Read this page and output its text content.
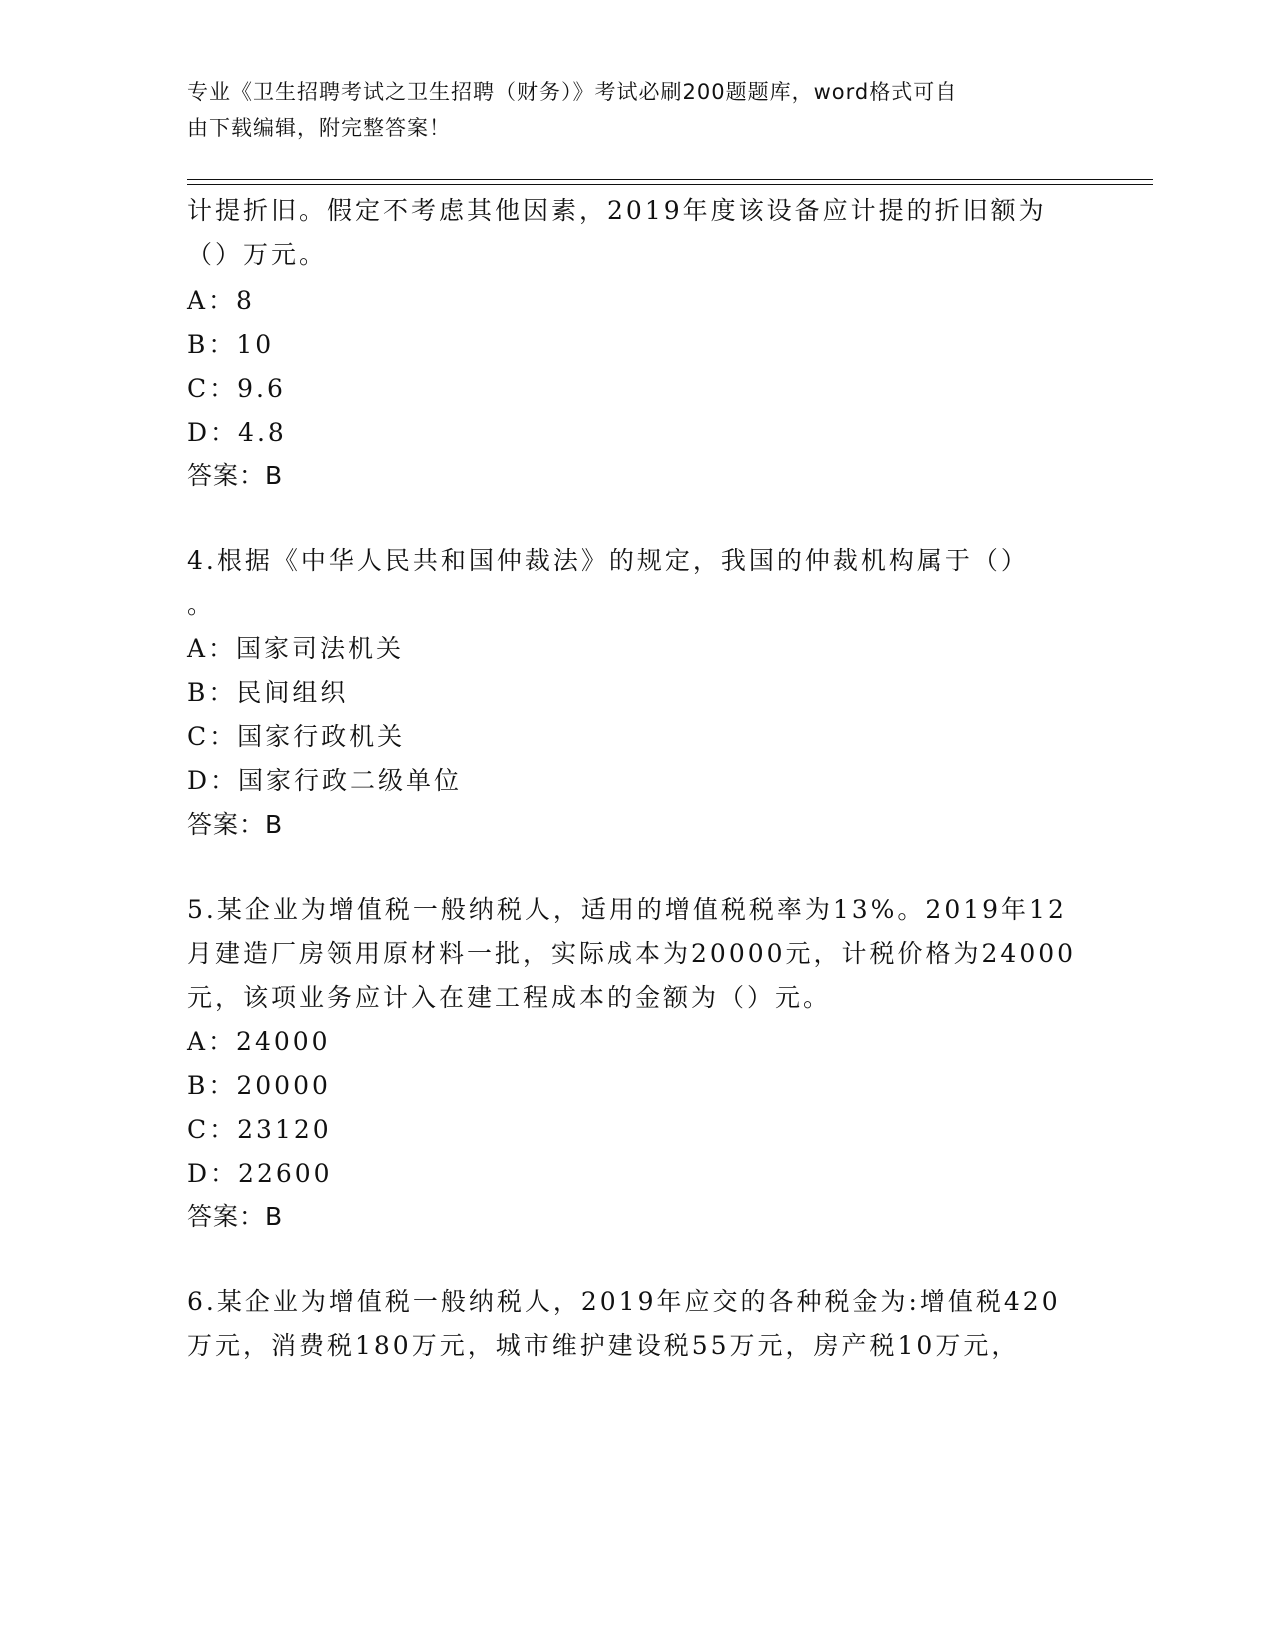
专业《卫生招聘考试之卫生招聘（财务）》考试必刷200题题库，word格式可自
由下载编辑，附完整答案！
计提折旧。假定不考虑其他因素，2019年度该设备应计提的折旧额为
（）万元。
A：8
B：10
C：9.6
D：4.8
答案：B
4.根据《中华人民共和国仲裁法》的规定，我国的仲裁机构属于（）
。
A：国家司法机关
B：民间组织
C：国家行政机关
D：国家行政二级单位
答案：B
5.某企业为增值税一般纳税人，适用的增值税税率为13%。2019年12
月建造厂房领用原材料一批，实际成本为20000元，计税价格为24000
元，该项业务应计入在建工程成本的金额为（）元。
A：24000
B：20000
C：23120
D：22600
答案：B
6.某企业为增值税一般纳税人，2019年应交的各种税金为:增值税420
万元，消费税180万元，城市维护建设税55万元，房产税10万元，
